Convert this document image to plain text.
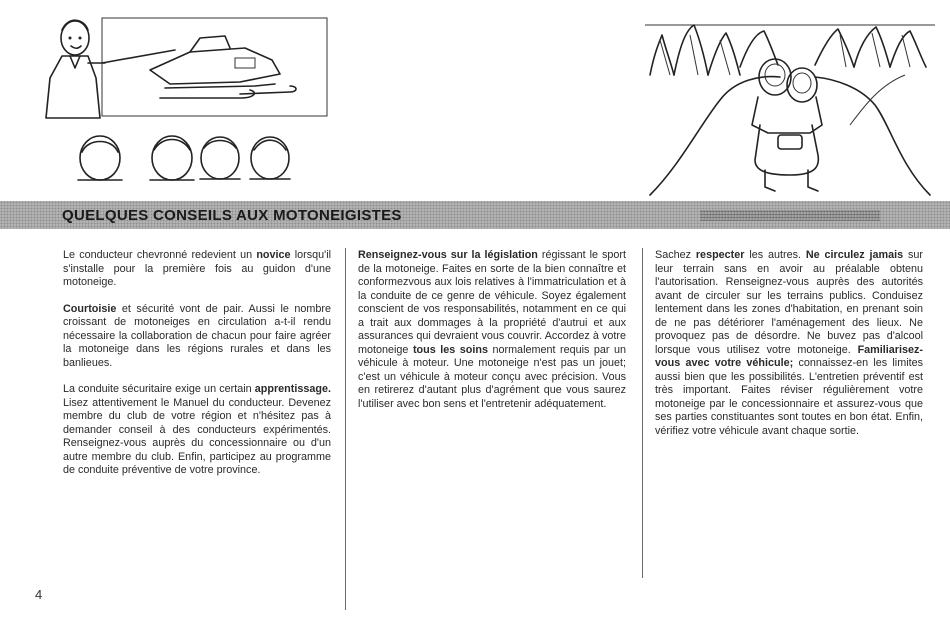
QUELQUES CONSEILS AUX MOTONEIGISTES

Le conducteur chevronné redevient un novice lorsqu'il s'installe pour la première fois au guidon d'une motoneige.

Courtoisie et sécurité vont de pair. Aussi le nombre croissant de motoneiges en circulation a-t-il rendu nécessaire la collaboration de chacun pour faire agréer la motoneige dans les régions rurales et dans les banlieues.

La conduite sécuritaire exige un certain apprentissage. Lisez attentivement le Manuel du conducteur. Devenez membre du club de votre région et n'hésitez pas à demander conseil à des conducteurs expérimentés. Renseignez-vous auprès du concessionnaire ou d'un autre membre du club. Enfin, participez au programme de conduite préventive de votre province.

Renseignez-vous sur la législation régissant le sport de la motoneige. Faites en sorte de la bien connaître et conformezvous aux lois relatives à l'immatriculation et à la conduite de ce genre de véhicule. Soyez également conscient de vos responsabilités, notamment en ce qui a trait aux dommages à la propriété d'autrui et aux assurances qui devraient vous couvrir. Accordez à votre motoneige tous les soins normalement requis par un véhicule à moteur. Une motoneige n'est pas un jouet; c'est un véhicule à moteur conçu avec précision. Vous en retirerez d'autant plus d'agrément que vous saurez l'utiliser avec bon sens et l'entretenir adéquatement.

Sachez respecter les autres. Ne circulez jamais sur leur terrain sans en avoir au préalable obtenu l'autorisation. Renseignez-vous auprès des autorités avant de circuler sur les terrains publics. Conduisez lentement dans les zones d'habitation, en prenant soin de ne pas détériorer l'aménagement des lieux. Ne provoquez pas de désordre. Ne buvez pas d'alcool lorsque vous utilisez votre motoneige. Familiarisez-vous avec votre véhicule; connaissez-en les limites aussi bien que les possibilités. L'entretien préventif est très important. Faites réviser régulièrement votre motoneige par le concessionnaire et assurez-vous que ses parties constituantes sont toutes en bon état. Enfin, vérifiez votre véhicule avant chaque sortie.

4
